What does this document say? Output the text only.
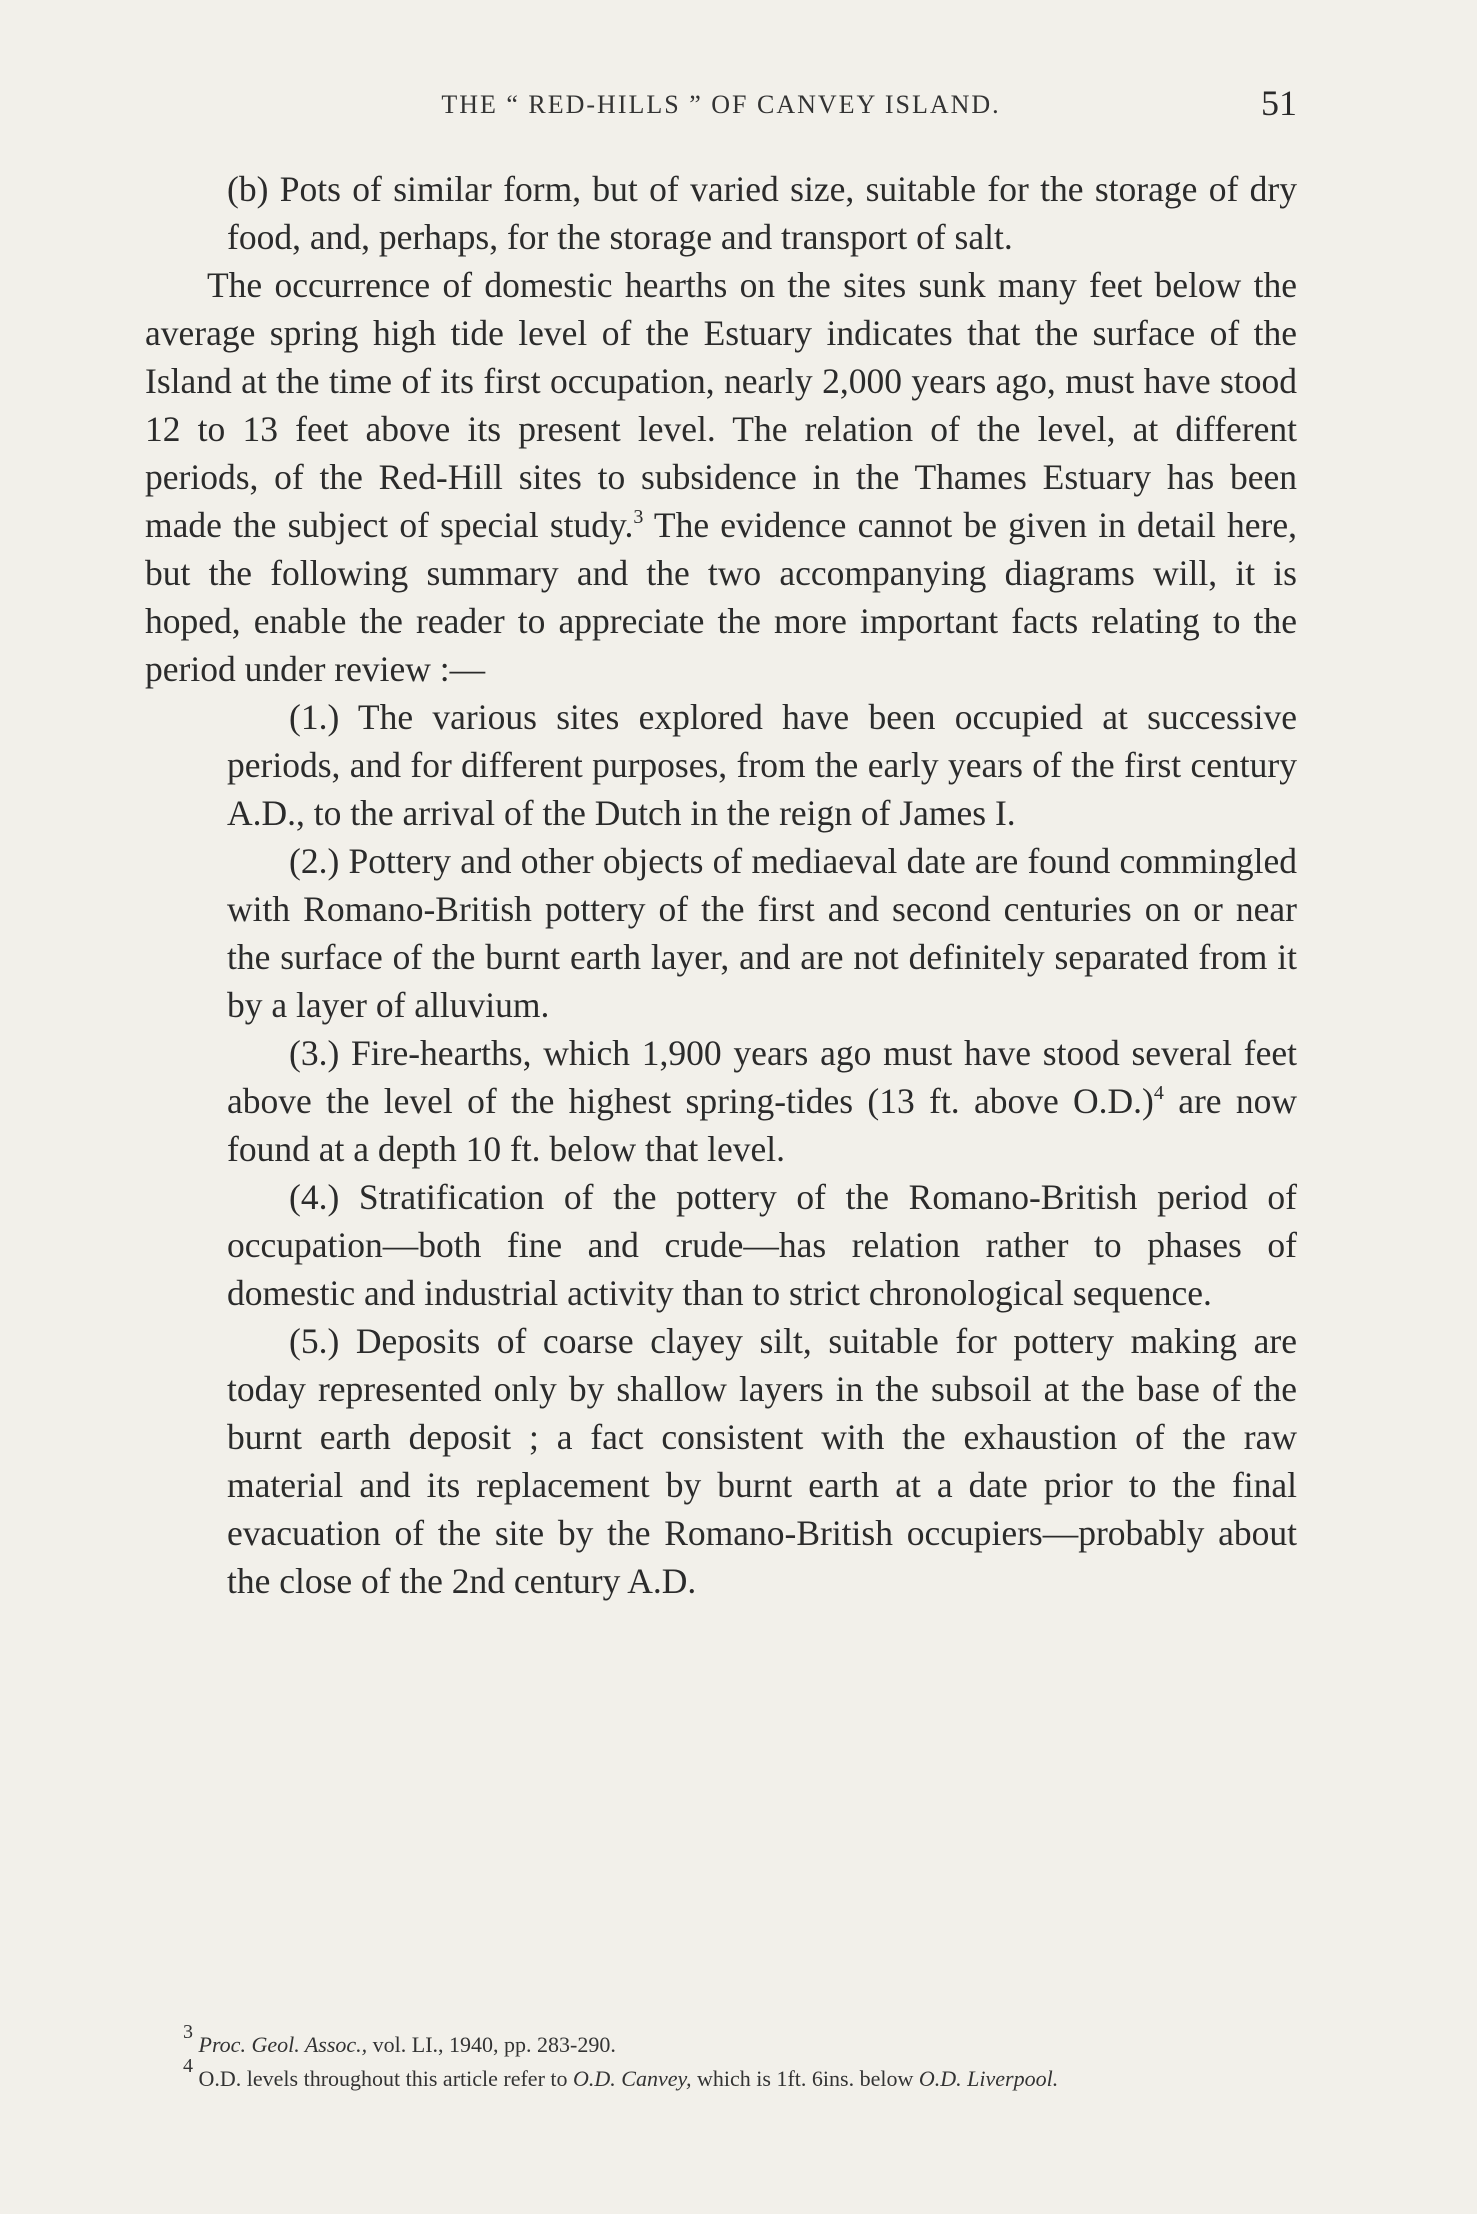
THE “ RED-HILLS ” OF CANVEY ISLAND.	51

(b) Pots of similar form, but of varied size, suitable for the storage of dry food, and, perhaps, for the storage and transport of salt.

The occurrence of domestic hearths on the sites sunk many feet below the average spring high tide level of the Estuary indicates that the surface of the Island at the time of its first occupation, nearly 2,000 years ago, must have stood 12 to 13 feet above its present level. The relation of the level, at different periods, of the Red-Hill sites to subsidence in the Thames Estuary has been made the subject of special study.$^3$ The evidence cannot be given in detail here, but the following summary and the two accompanying diagrams will, it is hoped, enable the reader to appreciate the more important facts relating to the period under review :—

(1.) The various sites explored have been occupied at successive periods, and for different purposes, from the early years of the first century A.D., to the arrival of the Dutch in the reign of James I.

(2.) Pottery and other objects of mediaeval date are found commingled with Romano-British pottery of the first and second centuries on or near the surface of the burnt earth layer, and are not definitely separated from it by a layer of alluvium.

(3.) Fire-hearths, which 1,900 years ago must have stood several feet above the level of the highest spring-tides (13 ft. above O.D.)$^4$ are now found at a depth 10 ft. below that level.

(4.) Stratification of the pottery of the Romano-British period of occupation—both fine and crude—has relation rather to phases of domestic and industrial activity than to strict chronological sequence.

(5.) Deposits of coarse clayey silt, suitable for pottery making are today represented only by shallow layers in the subsoil at the base of the burnt earth deposit ; a fact consistent with the exhaustion of the raw material and its replacement by burnt earth at a date prior to the final evacuation of the site by the Romano-British occupiers—probably about the close of the 2nd century A.D.

$^3$ Proc. Geol. Assoc., vol. LI., 1940, pp. 283-290.
$^4$ O.D. levels throughout this article refer to O.D. Canvey, which is 1ft. 6ins. below O.D. Liverpool.
